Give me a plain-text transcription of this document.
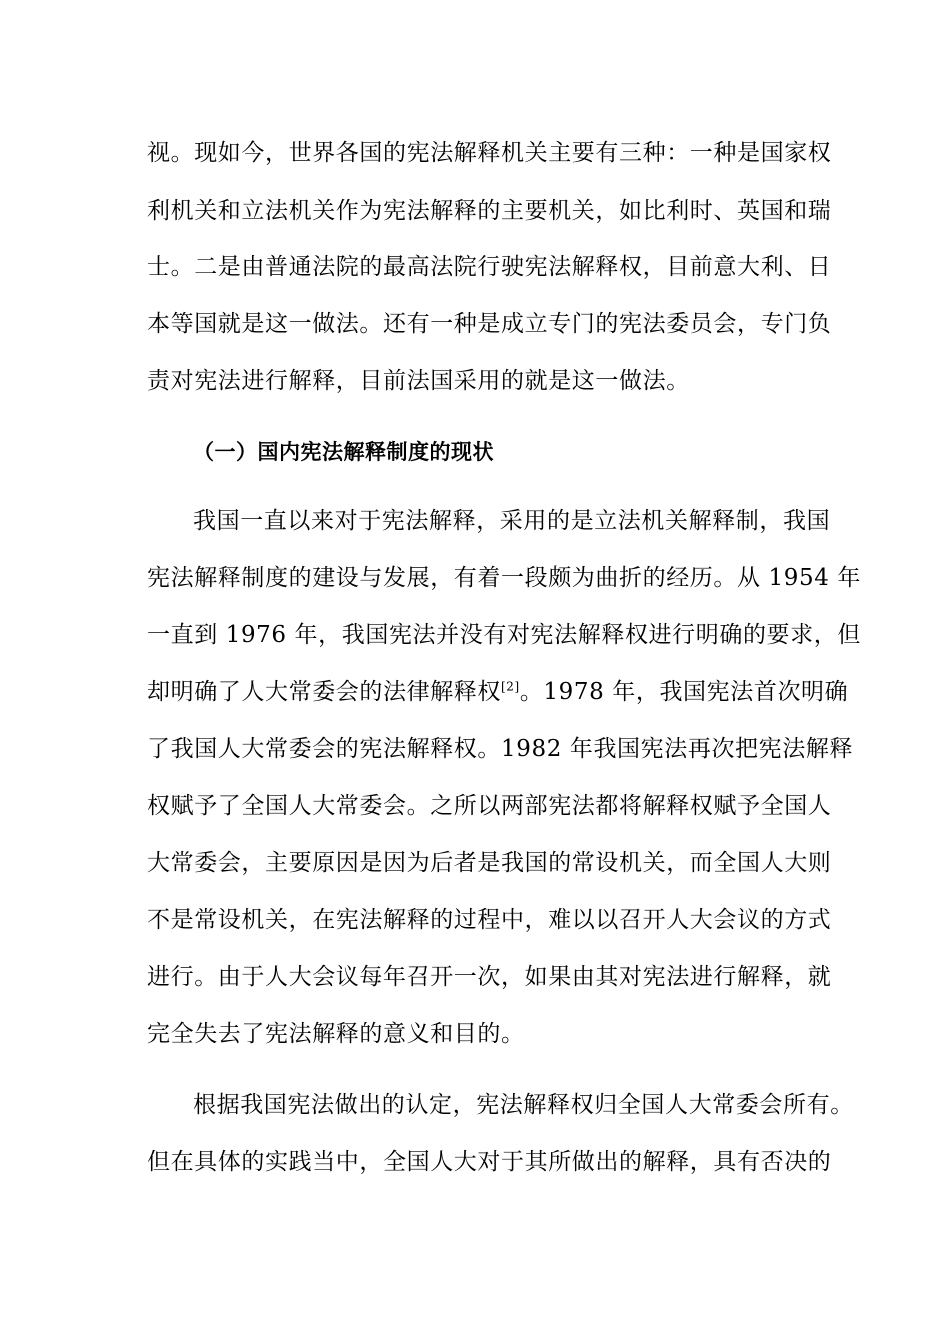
视。现如今，世界各国的宪法解释机关主要有三种：一种是国家权
利机关和立法机关作为宪法解释的主要机关，如比利时、英国和瑞
士。二是由普通法院的最高法院行驶宪法解释权，目前意大利、日
本等国就是这一做法。还有一种是成立专门的宪法委员会，专门负
责对宪法进行解释，目前法国采用的就是这一做法。
（一）国内宪法解释制度的现状
我国一直以来对于宪法解释，采用的是立法机关解释制，我国
宪法解释制度的建设与发展，有着一段颇为曲折的经历。从 1954 年
一直到 1976 年，我国宪法并没有对宪法解释权进行明确的要求，但
却明确了人大常委会的法律解释权[2]。1978 年，我国宪法首次明确
了我国人大常委会的宪法解释权。1982 年我国宪法再次把宪法解释
权赋予了全国人大常委会。之所以两部宪法都将解释权赋予全国人
大常委会，主要原因是因为后者是我国的常设机关，而全国人大则
不是常设机关，在宪法解释的过程中，难以以召开人大会议的方式
进行。由于人大会议每年召开一次，如果由其对宪法进行解释，就
完全失去了宪法解释的意义和目的。
根据我国宪法做出的认定，宪法解释权归全国人大常委会所有。
但在具体的实践当中，全国人大对于其所做出的解释，具有否决的
